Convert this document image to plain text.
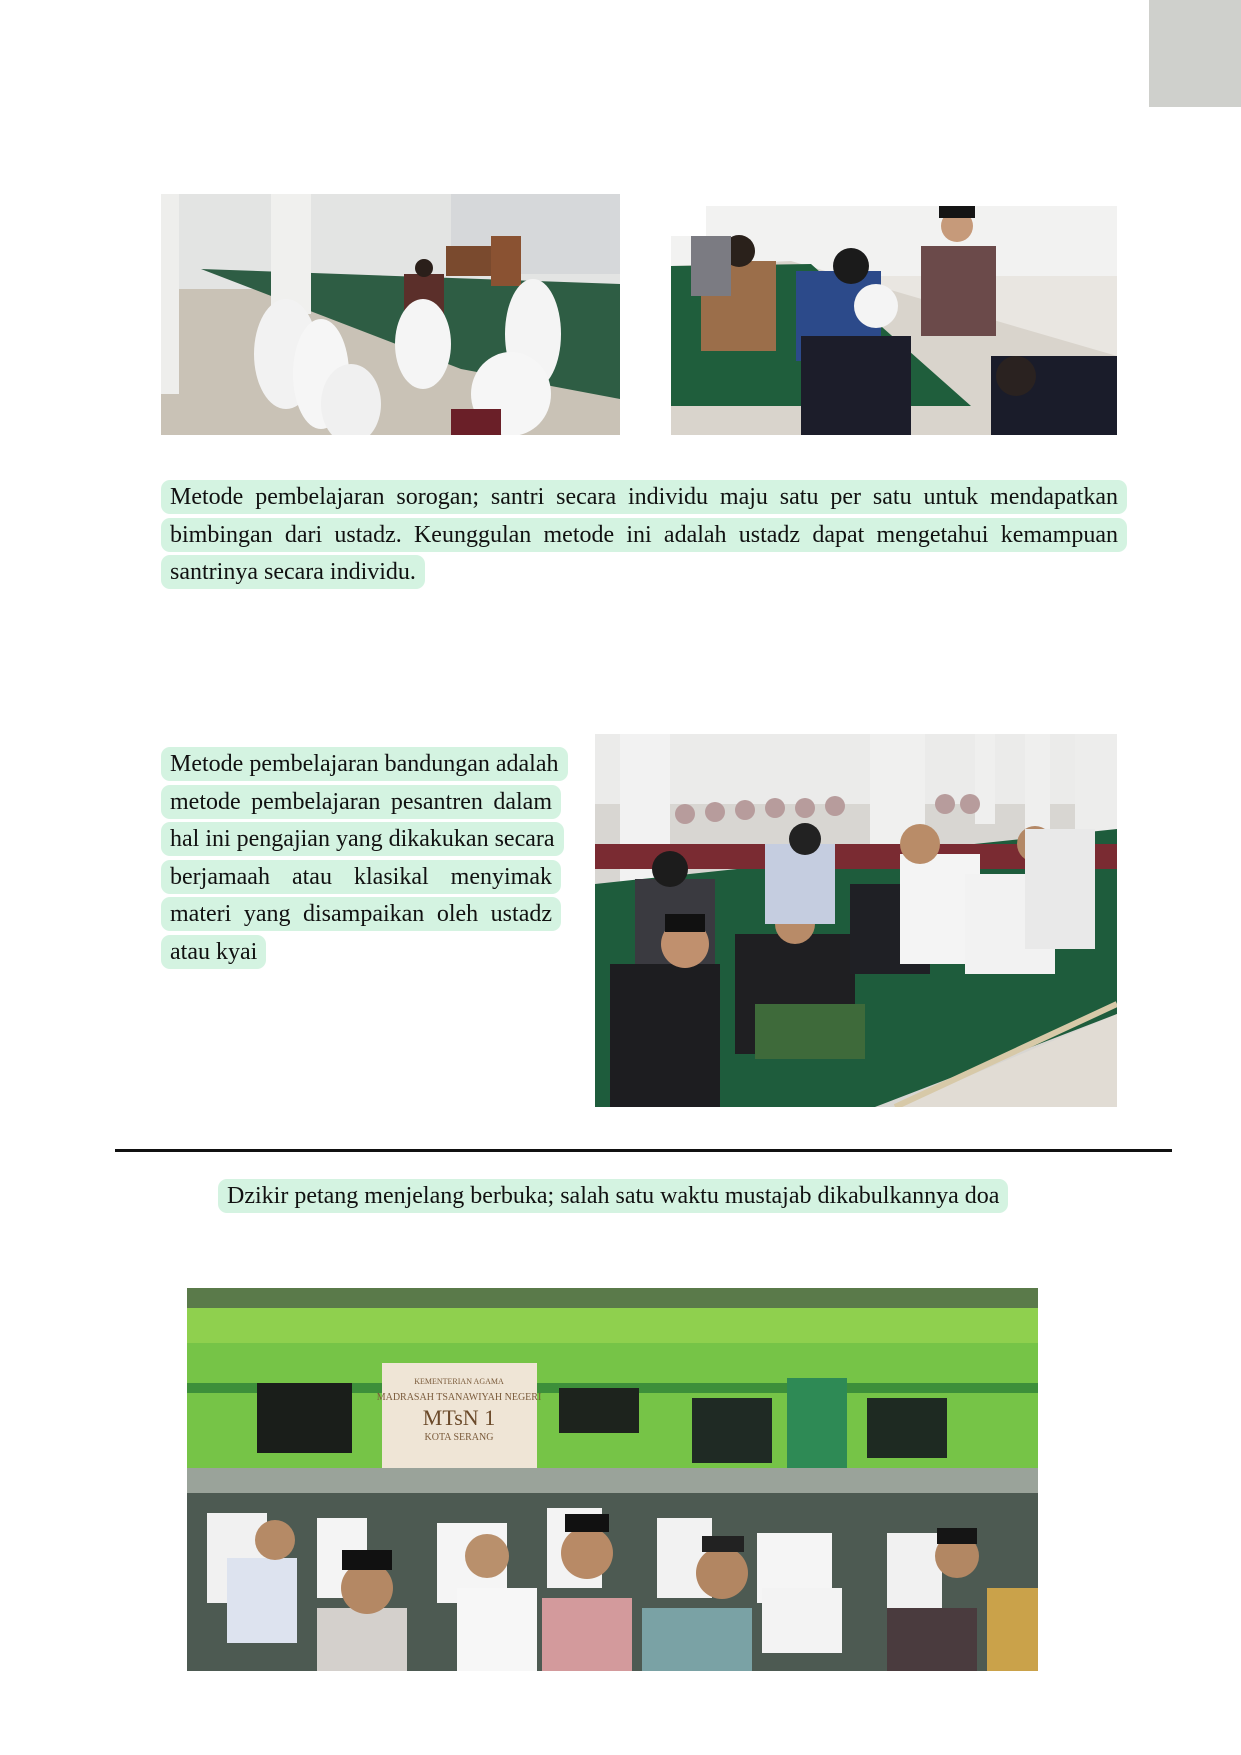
Metode pembelajaran sorogan; santri secara individu maju satu per satu untuk mendapatkan bimbingan dari ustadz. Keunggulan metode ini adalah ustadz dapat mengetahui kemampuan santrinya secara individu.
Metode pembelajaran bandungan adalah metode pembelajaran pesantren dalam hal ini pengajian yang dikakukan secara berjamaah atau klasikal menyimak materi yang disampaikan oleh ustadz atau kyai
Dzikir petang menjelang berbuka; salah satu waktu mustajab dikabulkannya doa
KEMENTERIAN AGAMA
MADRASAH TSANAWIYAH NEGERI
MTsN 1
KOTA SERANG
